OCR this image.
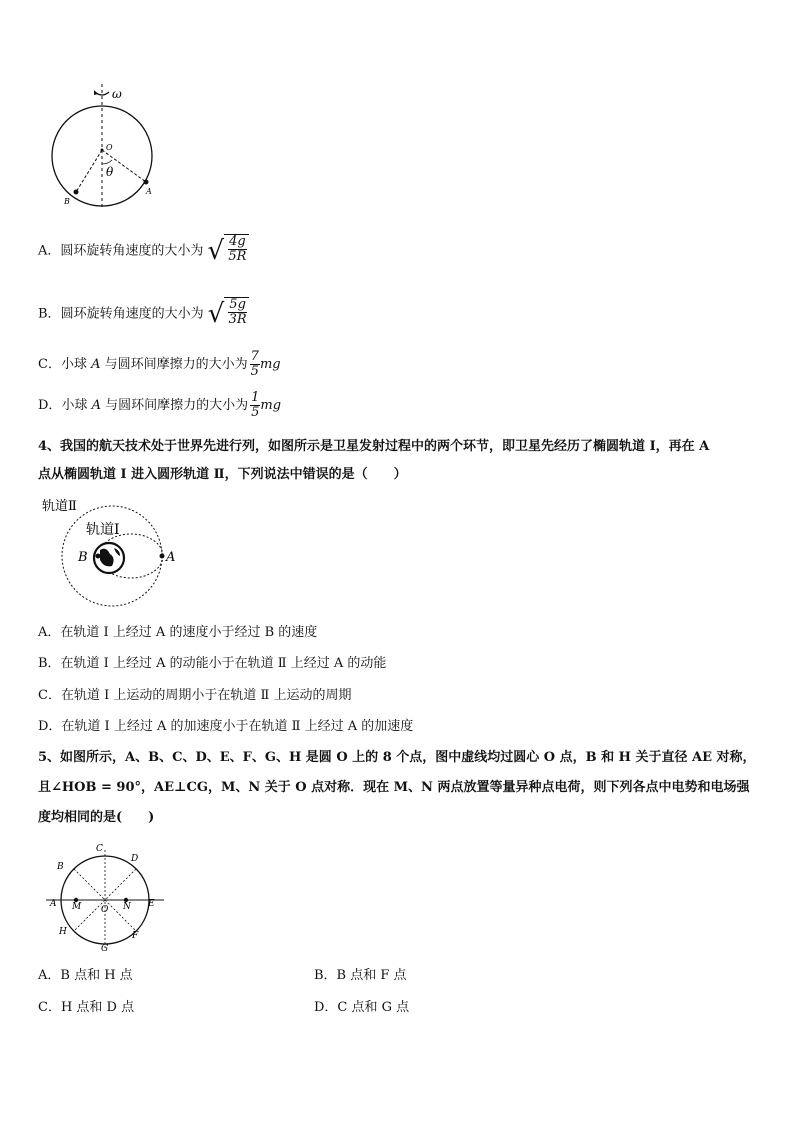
ω
θ
O
B
A
A．圆环旋转角速度的大小为 √ $\frac{4g}{5R}$
B．圆环旋转角速度的大小为 √ $\frac{5g}{3R}$
C．小球 A 与圆环间摩擦力的大小为 $\frac{7}{5}$ mg
D．小球 A 与圆环间摩擦力的大小为 $\frac{1}{5}$ mg
4、我国的航天技术处于世界先进行列，如图所示是卫星发射过程中的两个环节，即卫星先经历了椭圆轨道 I，再在 A
点从椭圆轨道 I 进入圆形轨道 Ⅱ，下列说法中错误的是（　　）
轨道Ⅱ
轨道Ⅰ
B	A
A．在轨道 I 上经过 A 的速度小于经过 B 的速度
B．在轨道 I 上经过 A 的动能小于在轨道 Ⅱ 上经过 A 的动能
C．在轨道 I 上运动的周期小于在轨道 Ⅱ 上运动的周期
D．在轨道 I 上经过 A 的加速度小于在轨道 Ⅱ 上经过 A 的加速度
5、如图所示，A、B、C、D、E、F、G、H 是圆 O 上的 8 个点，图中虚线均过圆心 O 点，B 和 H 关于直径 AE 对称，
且∠HOB = 90°，AE⊥CG，M、N 关于 O 点对称．现在 M、N 两点放置等量异种点电荷，则下列各点中电势和电场强
度均相同的是(　　)
C
D
B
A M O N E
H	F
G
A．B 点和 H 点	B．B 点和 F 点
C．H 点和 D 点	D．C 点和 G 点
